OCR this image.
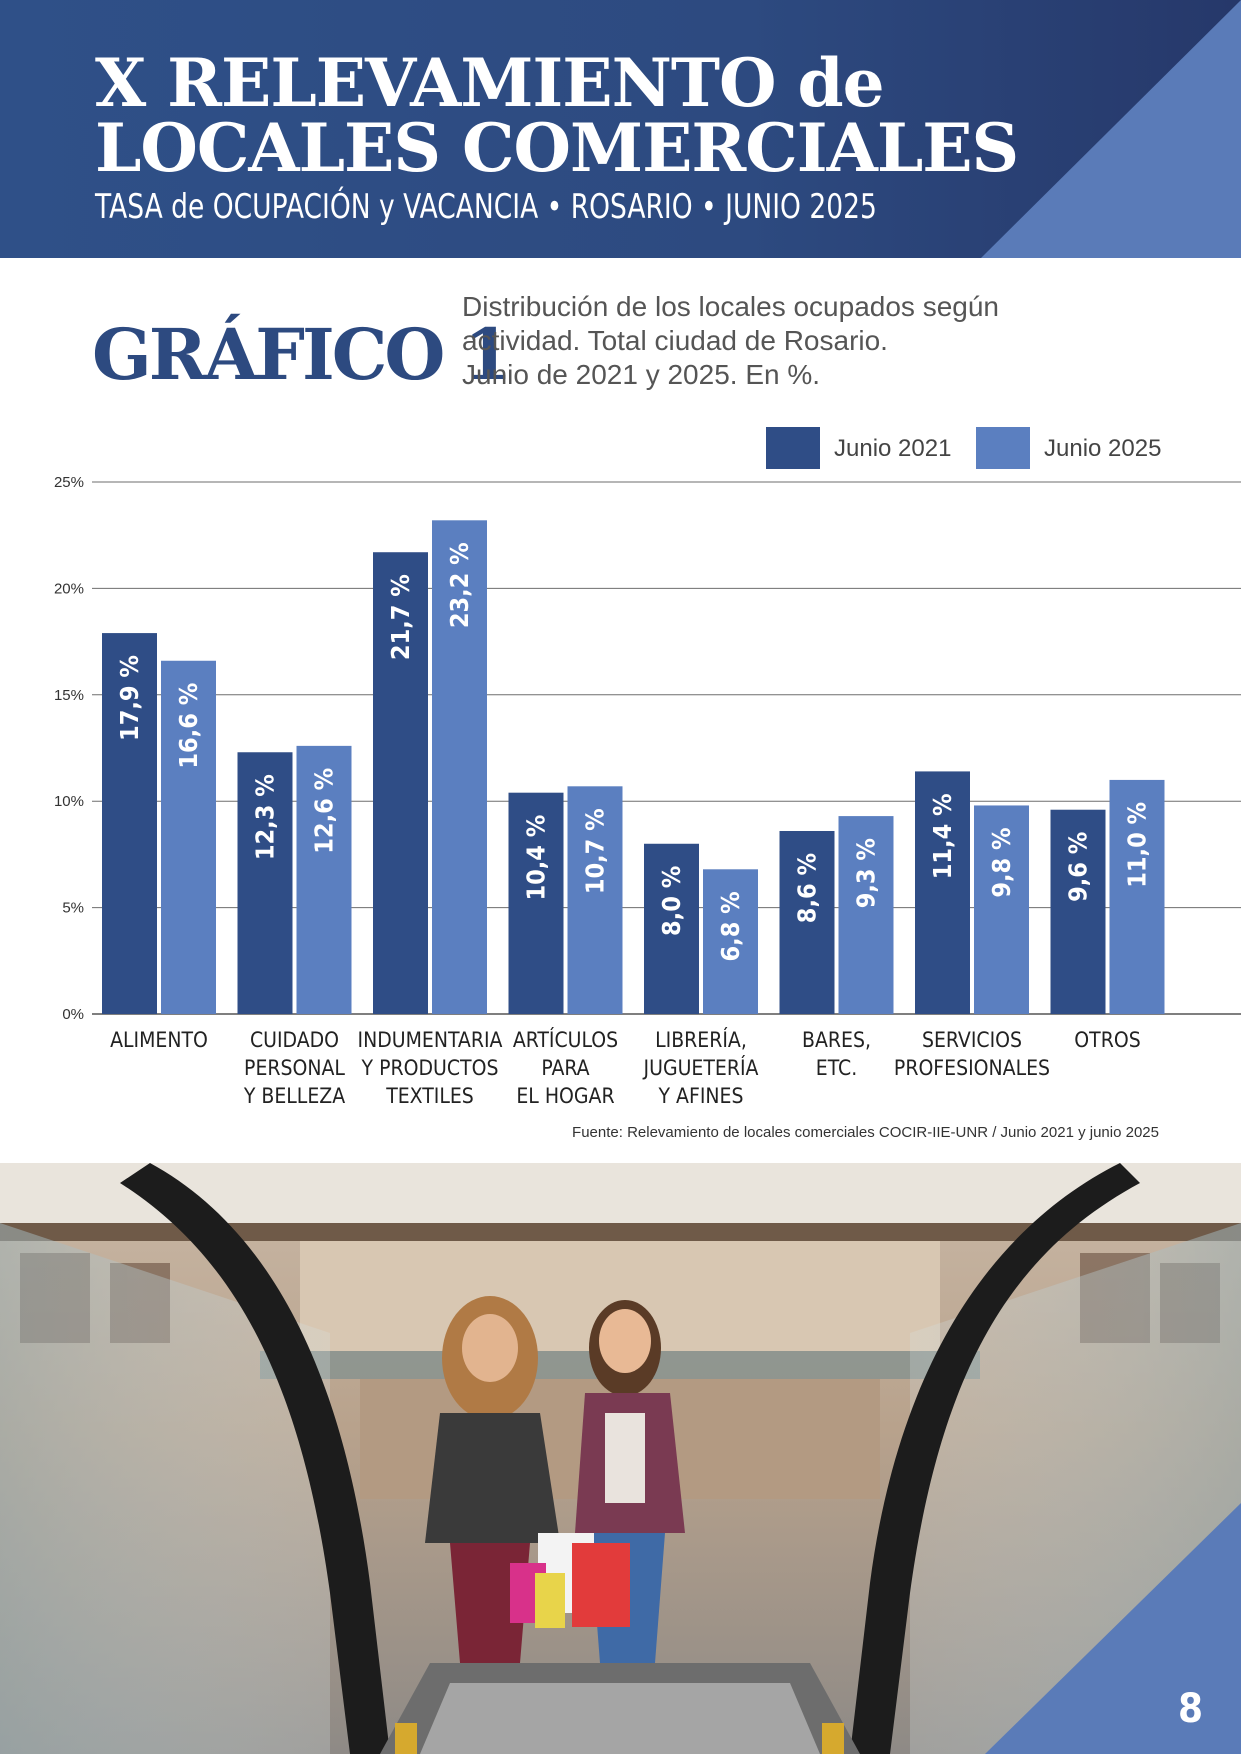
X RELEVAMIENTO de
LOCALES COMERCIALES
TASA de OCUPACIÓN y VACANCIA • ROSARIO • JUNIO 2025
GRÁFICO 1
Distribución de los locales ocupados según
actividad. Total ciudad de Rosario.
Junio de 2021 y 2025. En %.
0%
5%
10%
15%
20%
25%
Junio 2021	Junio 2025
17,9 % 16,6 %
ALIMENTO
12,3 % 12,6 %
CUIDADO
PERSONAL
Y BELLEZA
21,7 % 23,2 %
INDUMENTARIA
Y PRODUCTOS
TEXTILES
10,4 % 10,7 %
ARTÍCULOS
PARA
EL HOGAR
8,0 % 6,8 %
LIBRERÍA,
JUGUETERÍA
Y AFINES
8,6 % 9,3 %
BARES,
ETC.
11,4 % 9,8 %
SERVICIOS
PROFESIONALES
9,6 % 11,0 %
OTROS
Fuente: Relevamiento de locales comerciales COCIR-IIE-UNR / Junio 2021 y junio 2025
8
